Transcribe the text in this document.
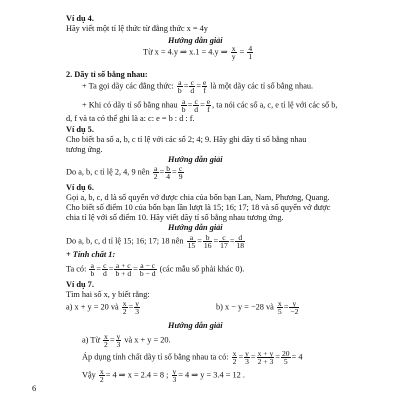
Ví dụ 4.
Hãy viết một tỉ lệ thức từ đẳng thức x = 4y
Hướng dẫn giải
Từ x = 4.y ⇒ x.1 = 4.y ⇒ $\frac{x}{y} = \frac{4}{1}$
2. Dãy tỉ số bằng nhau:
+ Ta gọi dãy các đẳng thức: $\frac{a}{b} = \frac{c}{d} = \frac{e}{f}$ là một dãy các tỉ số bằng nhau.
+ Khi có dãy tỉ số bằng nhau $\frac{a}{b} = \frac{c}{d} = \frac{e}{f}$ , ta nói các số a, c, e tỉ lệ với các số b,
d, f và ta có thể ghi là a: c: e = b : d : f.
Ví dụ 5.
Cho biết ba số a, b, c tỉ lệ với các số 2; 4; 9. Hãy ghi dãy tỉ số bằng nhau
tương ứng.
Hướng dẫn giải
Do a, b, c tỉ lệ 2, 4, 9 nên $\frac{a}{2} = \frac{b}{4} = \frac{c}{9}$
Ví dụ 6.
Gọi a, b, c, d là số quyển vở được chia của bốn bạn Lan, Nam, Phương, Quang.
Cho biết số điểm 10 của bốn bạn lần lượt là 15; 16; 17; 18 và số quyển vở được
chia tỉ lệ với số điểm 10. Hãy viết dãy tỉ số bằng nhau tương ứng.
Hướng dẫn giải
Do a, b, c, d tỉ lệ 15; 16; 17; 18 nên $\frac{a}{15} = \frac{b}{16} = \frac{c}{17} = \frac{d}{18}$
+ Tính chất 1:
Ta có: $\frac{a}{b} = \frac{c}{d} = \frac{a + c}{b + d} = \frac{a - c}{b - d}$ (các mẫu số phải khác 0).
Ví dụ 7.
Tìm hai số x, y biết rằng:
a) x + y = 20 và $\frac{x}{2} = \frac{y}{3}$	b) x − y = −28 và $\frac{x}{5} = \frac{y}{-2}$
Hướng dẫn giải
a) Từ $\frac{x}{2} = \frac{y}{3}$ và x + y = 20.
Áp dụng tính chất dãy tỉ số bằng nhau ta có: $\frac{x}{2} = \frac{y}{3} = \frac{x + y}{2 + 3} = \frac{20}{5} = 4$
Vậy $\frac{x}{2} = 4$ ⇒ x = 2.4 = 8 ; $\frac{y}{3} = 4$ ⇒ y = 3.4 = 12 .
6
